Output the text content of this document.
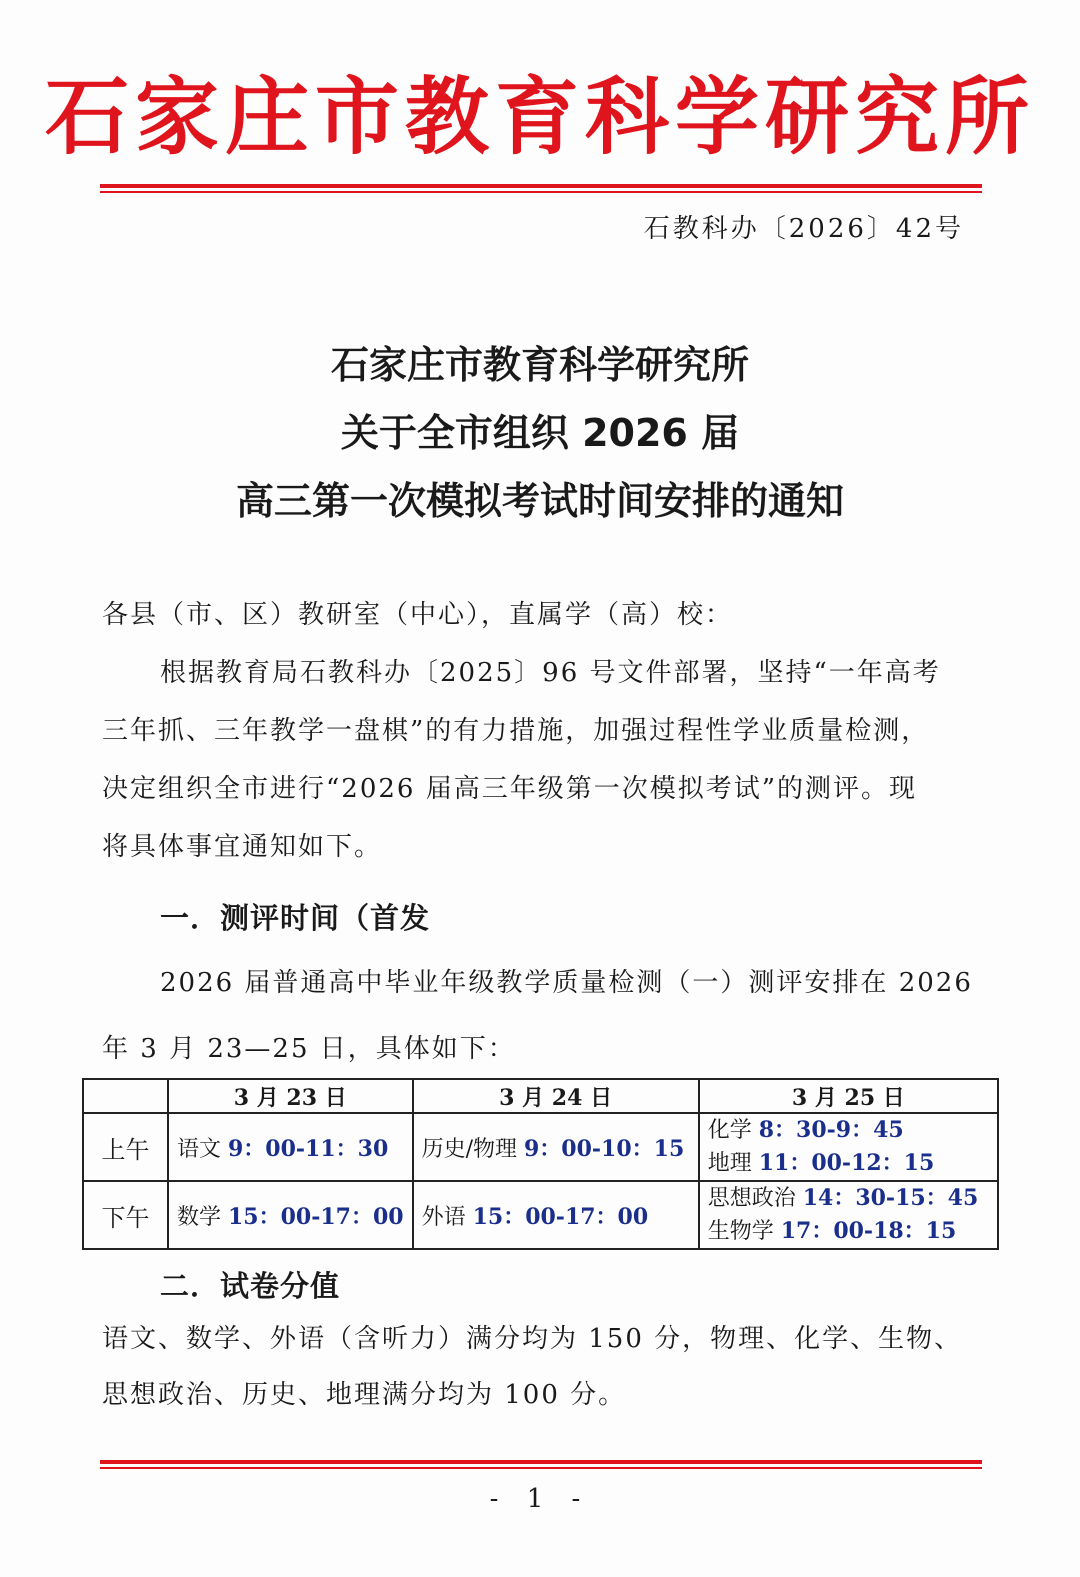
石家庄市教育科学研究所
石教科办〔2026〕42号
石家庄市教育科学研究所
关于全市组织 2026 届
高三第一次模拟考试时间安排的通知
各县（市、区）教研室（中心），直属学（高）校：
根据教育局石教科办〔2025〕96 号文件部署，坚持“一年高考
三年抓、三年教学一盘棋”的有力措施，加强过程性学业质量检测，
决定组织全市进行“2026 届高三年级第一次模拟考试”的测评。现
将具体事宜通知如下。
一．测评时间（首发
2026 届普通高中毕业年级教学质量检测（一）测评安排在 2026
年 3 月 23—25 日，具体如下：
	3 月 23 日	3 月 24 日	3 月 25 日
上午	语文 9：00-11：30	历史/物理 9：00-10：15	化学 8：30-9：45
地理 11：00-12：15

下午	数学 15：00-17：00	外语 15：00-17：00	思想政治 14：30-15：45
生物学 17：00-18：15
二．试卷分值
语文、数学、外语（含听力）满分均为 150 分，物理、化学、生物、
思想政治、历史、地理满分均为 100 分。
- 1 -
